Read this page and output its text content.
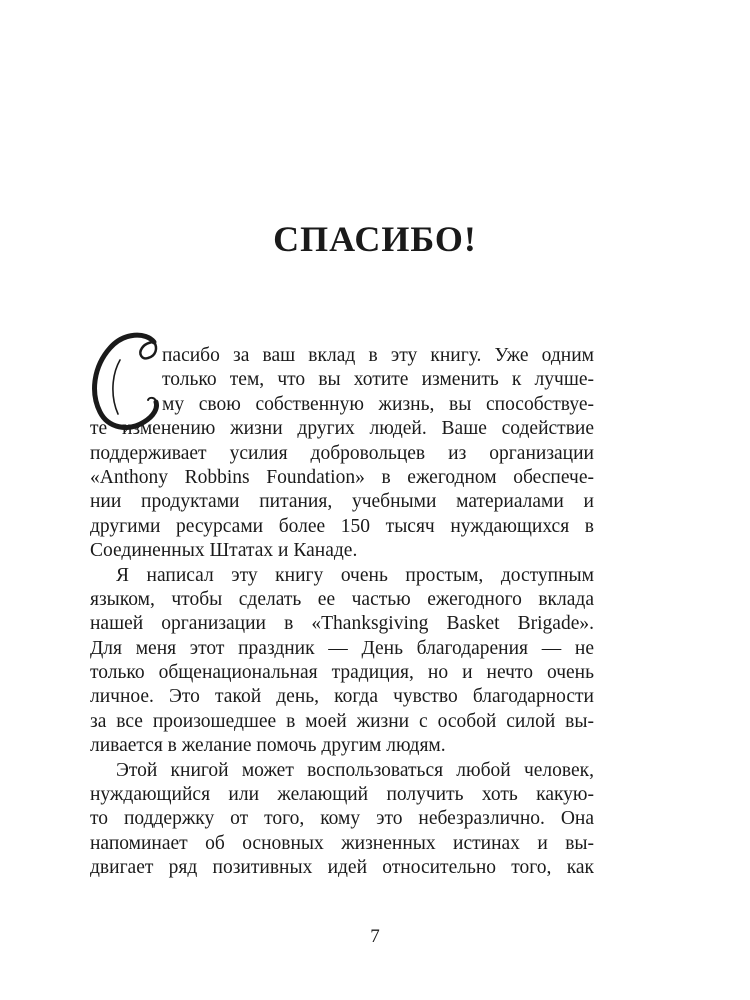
СПАСИБО!
пасибо за ваш вклад в эту книгу. Уже одним
только тем, что вы хотите изменить к лучше-
му свою собственную жизнь, вы способствуе-
те изменению жизни других людей. Ваше содействие
поддерживает усилия добровольцев из организации
«Anthony Robbins Foundation» в ежегодном обеспече-
нии продуктами питания, учебными материалами и
другими ресурсами более 150 тысяч нуждающихся в
Соединенных Штатах и Канаде.
Я написал эту книгу очень простым, доступным
языком, чтобы сделать ее частью ежегодного вклада
нашей организации в «Thanksgiving Basket Brigade».
Для меня этот праздник — День благодарения — не
только общенациональная традиция, но и нечто очень
личное. Это такой день, когда чувство благодарности
за все произошедшее в моей жизни с особой силой вы-
ливается в желание помочь другим людям.
Этой книгой может воспользоваться любой человек,
нуждающийся или желающий получить хоть какую-
то поддержку от того, кому это небезразлично. Она
напоминает об основных жизненных истинах и вы-
двигает ряд позитивных идей относительно того, как
7
